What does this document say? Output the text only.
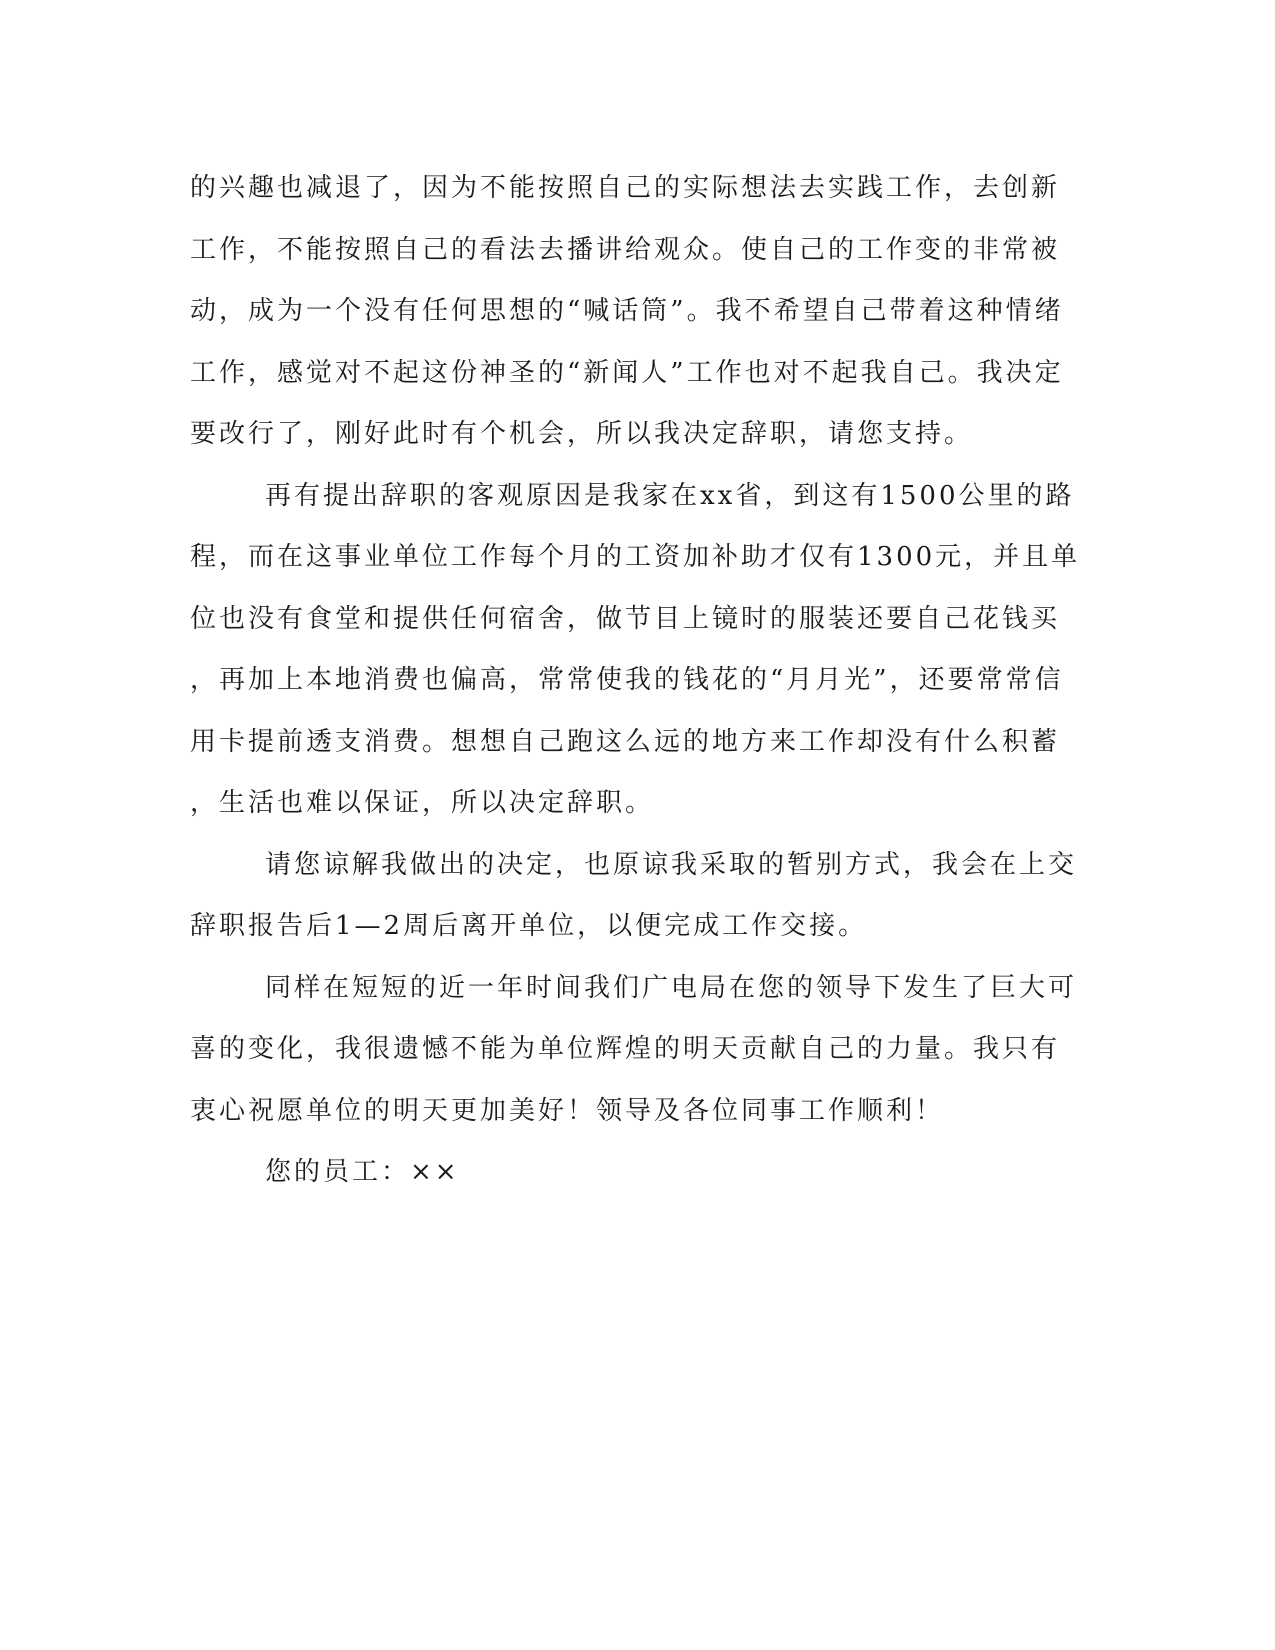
的兴趣也减退了，因为不能按照自己的实际想法去实践工作，去创新
工作，不能按照自己的看法去播讲给观众。使自己的工作变的非常被
动，成为一个没有任何思想的“喊话筒”。我不希望自己带着这种情绪
工作，感觉对不起这份神圣的“新闻人”工作也对不起我自己。我决定
要改行了，刚好此时有个机会，所以我决定辞职，请您支持。
再有提出辞职的客观原因是我家在xx省，到这有1500公里的路
程，而在这事业单位工作每个月的工资加补助才仅有1300元，并且单
位也没有食堂和提供任何宿舍，做节目上镜时的服装还要自己花钱买
，再加上本地消费也偏高，常常使我的钱花的“月月光”，还要常常信
用卡提前透支消费。想想自己跑这么远的地方来工作却没有什么积蓄
，生活也难以保证，所以决定辞职。
请您谅解我做出的决定，也原谅我采取的暂别方式，我会在上交
辞职报告后1—2周后离开单位，以便完成工作交接。
同样在短短的近一年时间我们广电局在您的领导下发生了巨大可
喜的变化，我很遗憾不能为单位辉煌的明天贡献自己的力量。我只有
衷心祝愿单位的明天更加美好！领导及各位同事工作顺利！
您的员工：××
